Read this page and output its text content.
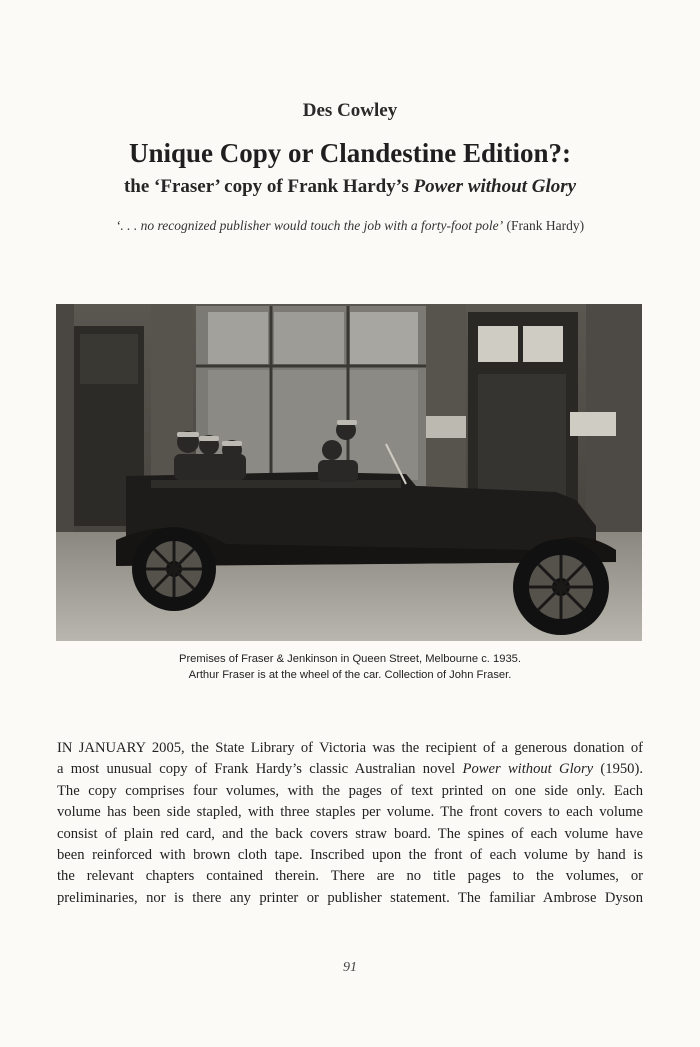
Des Cowley
Unique Copy or Clandestine Edition?:
the ‘Fraser’ copy of Frank Hardy’s Power without Glory
‘. . . no recognized publisher would touch the job with a forty-foot pole’ (Frank Hardy)
Premises of Fraser & Jenkinson in Queen Street, Melbourne c. 1935.
Arthur Fraser is at the wheel of the car. Collection of John Fraser.
IN JANUARY 2005, the State Library of Victoria was the recipient of a generous donation of
a most unusual copy of Frank Hardy’s classic Australian novel Power without Glory (1950).
The copy comprises four volumes, with the pages of text printed on one side only. Each
volume has been side stapled, with three staples per volume. The front covers to each volume
consist of plain red card, and the back covers straw board. The spines of each volume have
been reinforced with brown cloth tape. Inscribed upon the front of each volume by hand is
the relevant chapters contained therein. There are no title pages to the volumes, or
preliminaries, nor is there any printer or publisher statement. The familiar Ambrose Dyson
91
